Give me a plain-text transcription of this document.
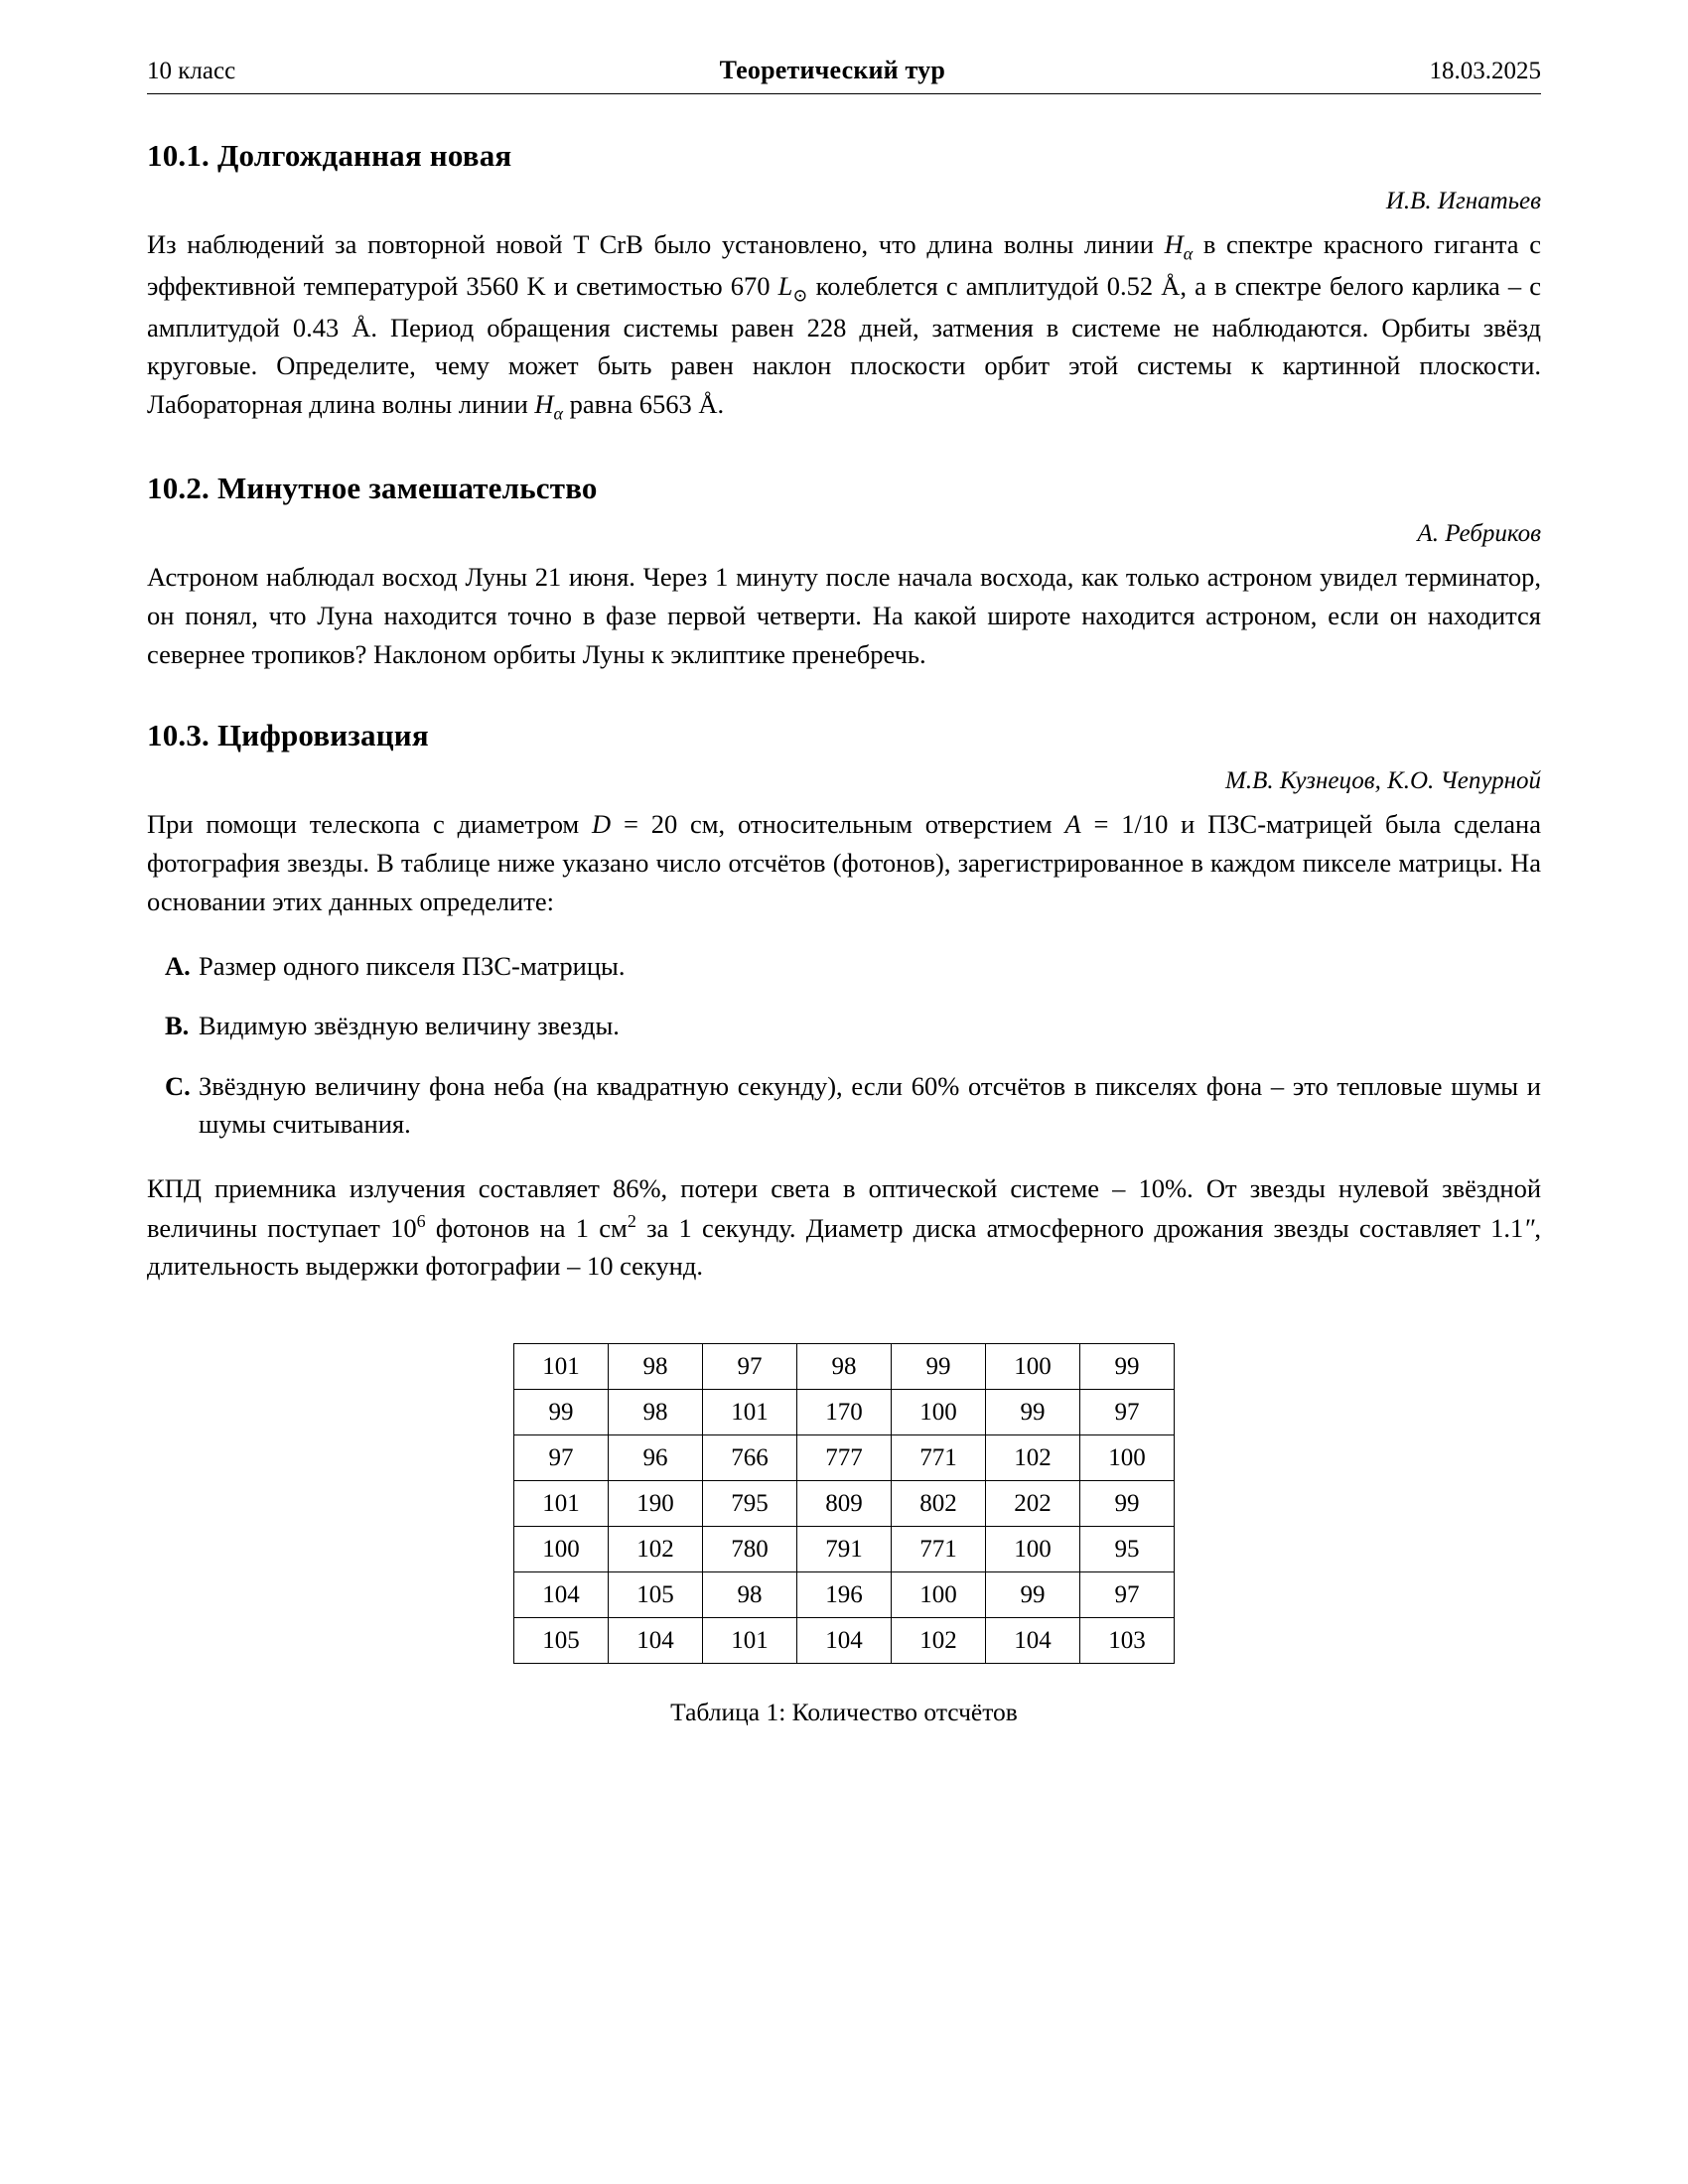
10 класс	Теоретический тур	18.03.2025
10.1. Долгожданная новая
И.В. Игнатьев

Из наблюдений за повторной новой T CrB было установлено, что длина волны линии $H_\alpha$ в спектре красного гиганта с эффективной температурой 3560 K и светимостью 670 $L_⊙$ колеблется с амплитудой 0.52 Å, а в спектре белого карлика – с амплитудой 0.43 Å. Период обращения системы равен 228 дней, затмения в системе не наблюдаются. Орбиты звёзд круговые. Определите, чему может быть равен наклон плоскости орбит этой системы к картинной плоскости. Лабораторная длина волны линии $H_\alpha$ равна 6563 Å.

10.2. Минутное замешательство
А. Ребриков

Астроном наблюдал восход Луны 21 июня. Через 1 минуту после начала восхода, как только астроном увидел терминатор, он понял, что Луна находится точно в фазе первой четверти. На какой широте находится астроном, если он находится севернее тропиков? Наклоном орбиты Луны к эклиптике пренебречь.

10.3. Цифровизация
М.В. Кузнецов, К.О. Чепурной

При помощи телескопа с диаметром D = 20 см, относительным отверстием A = 1/10 и ПЗС-матрицей была сделана фотография звезды. В таблице ниже указано число отсчётов (фотонов), зарегистрированное в каждом пикселе матрицы. На основании этих данных определите:

A. Размер одного пикселя ПЗС-матрицы.
B. Видимую звёздную величину звезды.
C. Звёздную величину фона неба (на квадратную секунду), если 60% отсчётов в пикселях фона – это тепловые шумы и шумы считывания.

КПД приемника излучения составляет 86%, потери света в оптической системе – 10%. От звезды нулевой звёздной величины поступает $10^6$ фотонов на 1 $см^2$ за 1 секунду. Диаметр диска атмосферного дрожания звезды составляет 1.1″, длительность выдержки фотографии – 10 секунд.

101	98	97	98	99	100	99
99	98	101	170	100	99	97
97	96	766	777	771	102	100
101	190	795	809	802	202	99
100	102	780	791	771	100	95
104	105	98	196	100	99	97
105	104	101	104	102	104	103
Таблица 1: Количество отсчётов
